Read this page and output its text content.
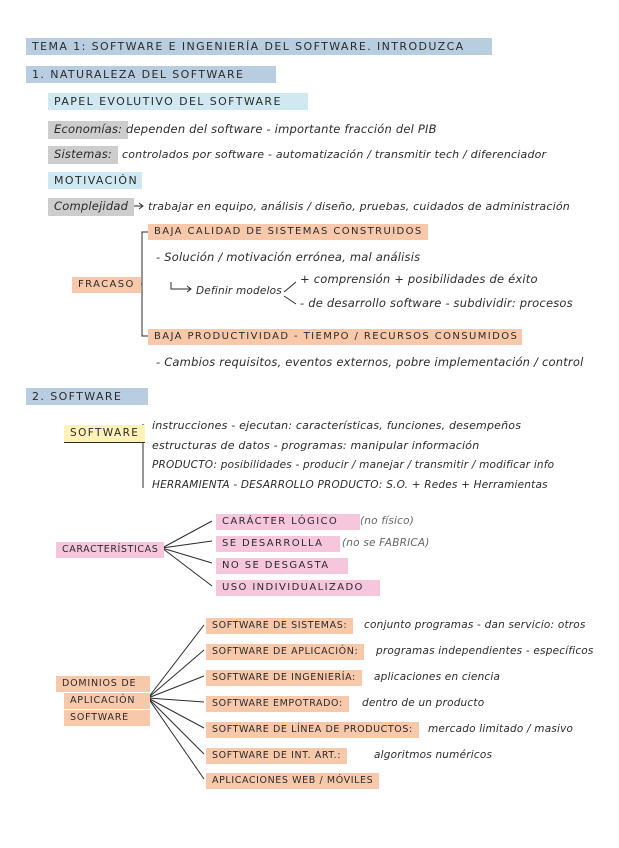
TEMA 1: SOFTWARE E INGENIERÍA DEL SOFTWARE. INTRODUZCA
1. NATURALEZA DEL SOFTWARE
PAPEL EVOLUTIVO DEL SOFTWARE
Economías: dependen del software - importante fracción del PIB
Sistemas: controlados por software - automatización / transmitir tech / diferenciador
MOTIVACIÓN
Complejidad	trabajar en equipo, análisis / diseño, pruebas, cuidados de administración
BAJA CALIDAD DE SISTEMAS CONSTRUIDOS
- Solución / motivación errónea, mal análisis
FRACASO
Definir modelos
+ comprensión + posibilidades de éxito
- de desarrollo software - subdividir: procesos
BAJA PRODUCTIVIDAD - TIEMPO / RECURSOS CONSUMIDOS
- Cambios requisitos, eventos externos, pobre implementación / control
2. SOFTWARE
SOFTWARE
instrucciones - ejecutan: características, funciones, desempeños
estructuras de datos - programas: manipular información
PRODUCTO: posibilidades - producir / manejar / transmitir / modificar info
HERRAMIENTA - DESARROLLO PRODUCTO: S.O. + Redes + Herramientas
CARACTERÍSTICAS
CARÁCTER LÓGICO	(no físico)
SE DESARROLLA	(no se FABRICA)
NO SE DESGASTA
USO INDIVIDUALIZADO
DOMINIOS DE
APLICACIÓN
SOFTWARE
SOFTWARE DE SISTEMAS:	conjunto programas - dan servicio: otros
SOFTWARE DE APLICACIÓN:	programas independientes - específicos
SOFTWARE DE INGENIERÍA:	aplicaciones en ciencia
SOFTWARE EMPOTRADO:	dentro de un producto
SOFTWARE DE LÍNEA DE PRODUCTOS:	mercado limitado / masivo
SOFTWARE DE INT. ART.:	algoritmos numéricos
APLICACIONES WEB / MÓVILES
